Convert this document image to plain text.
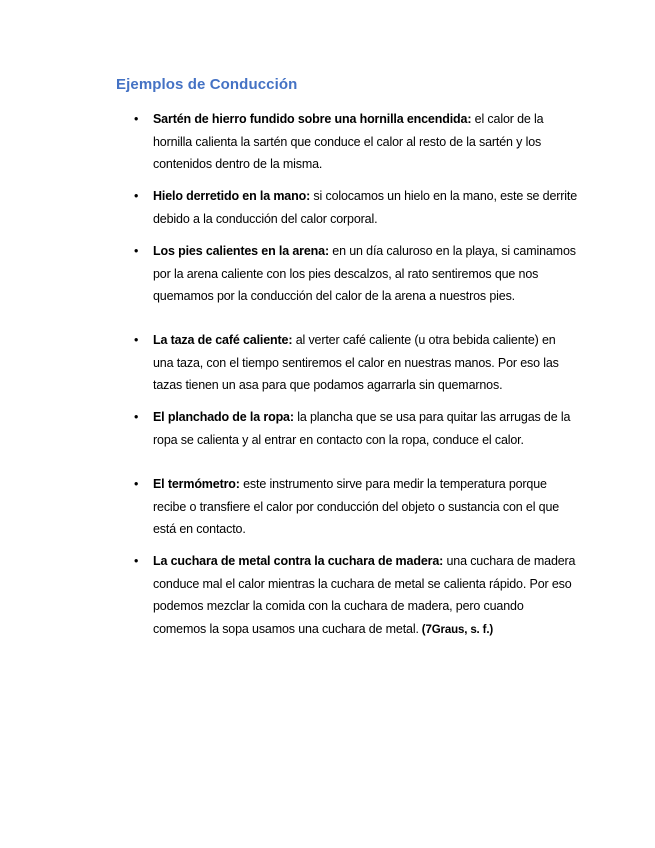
Ejemplos de Conducción
• Sartén de hierro fundido sobre una hornilla encendida: el calor de la hornilla calienta la sartén que conduce el calor al resto de la sartén y los contenidos dentro de la misma.
• Hielo derretido en la mano: si colocamos un hielo en la mano, este se derrite debido a la conducción del calor corporal.
• Los pies calientes en la arena: en un día caluroso en la playa, si caminamos por la arena caliente con los pies descalzos, al rato sentiremos que nos quemamos por la conducción del calor de la arena a nuestros pies.
• La taza de café caliente: al verter café caliente (u otra bebida caliente) en una taza, con el tiempo sentiremos el calor en nuestras manos. Por eso las tazas tienen un asa para que podamos agarrarla sin quemarnos.
• El planchado de la ropa: la plancha que se usa para quitar las arrugas de la ropa se calienta y al entrar en contacto con la ropa, conduce el calor.
• El termómetro: este instrumento sirve para medir la temperatura porque recibe o transfiere el calor por conducción del objeto o sustancia con el que está en contacto.
• La cuchara de metal contra la cuchara de madera: una cuchara de madera conduce mal el calor mientras la cuchara de metal se calienta rápido. Por eso podemos mezclar la comida con la cuchara de madera, pero cuando comemos la sopa usamos una cuchara de metal. (7Graus, s. f.)
